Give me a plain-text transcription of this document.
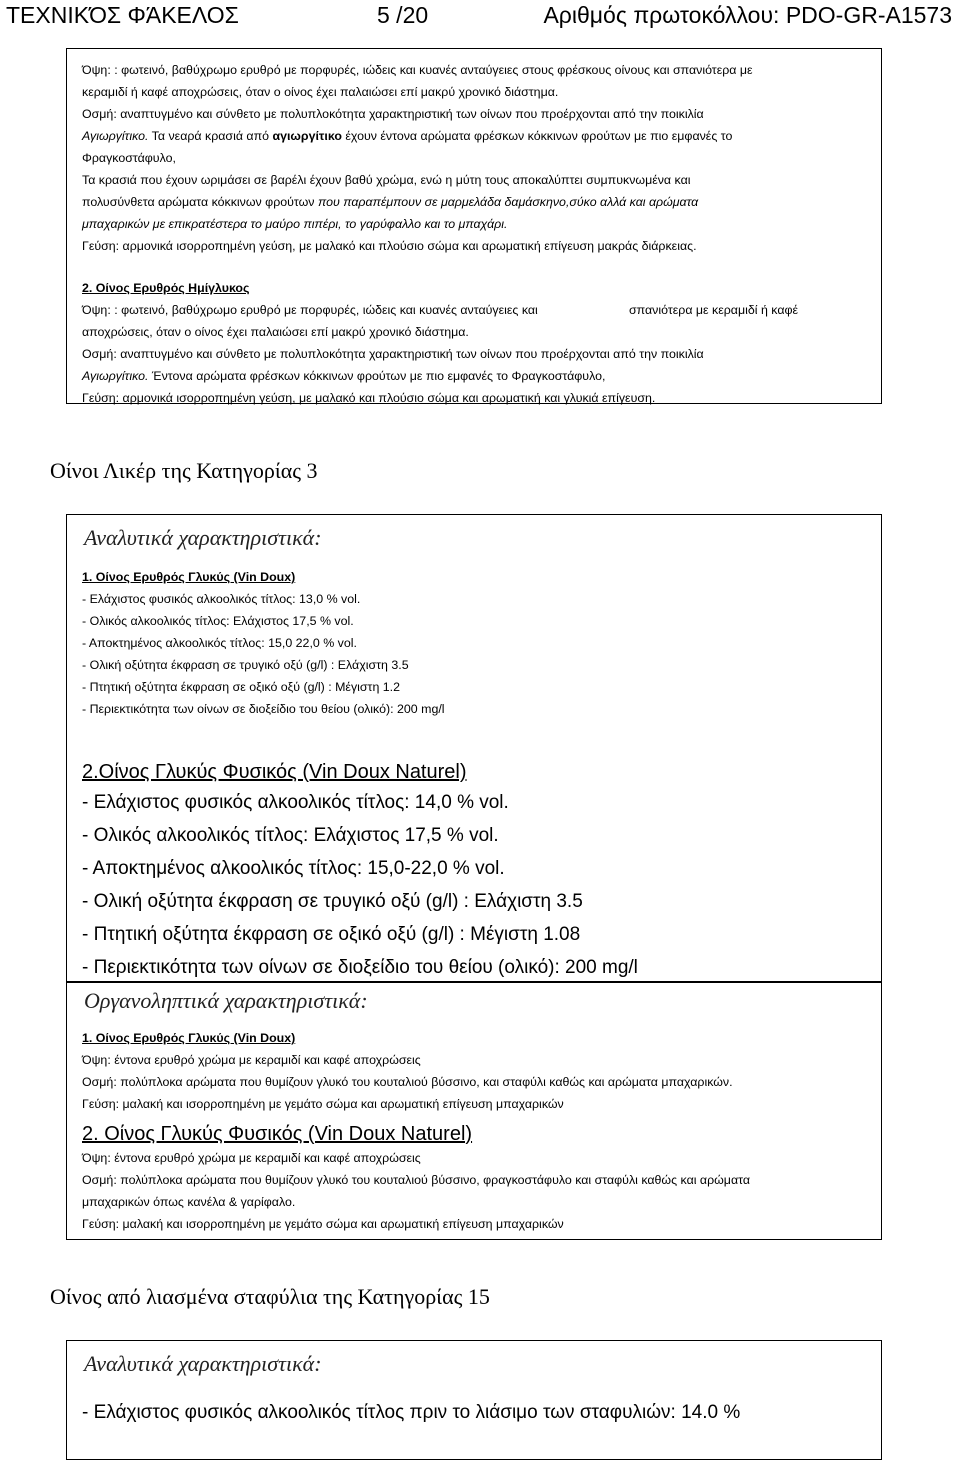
ΤΕΧΝΙΚΌΣ ΦΆΚΕΛΟΣ	5 /20	Αριθμός πρωτοκόλλου: PDO-GR-A1573
Όψη: : φωτεινό, βαθύχρωμο ερυθρό με πορφυρές, ιώδεις και κυανές ανταύγειες στους φρέσκους οίνους και σπανιότερα με
κεραμιδί ή καφέ αποχρώσεις, όταν ο οίνος έχει παλαιώσει επί μακρύ χρονικό διάστημα.
Οσμή: αναπτυγμένο και σύνθετο με πολυπλοκότητα χαρακτηριστική των οίνων που προέρχονται από την ποικιλία
Αγιωργίτικο. Τα νεαρά κρασιά από αγιωργίτικο έχουν έντονα αρώματα φρέσκων κόκκινων φρούτων με πιο εμφανές το
Φραγκοστάφυλο,
Τα κρασιά που έχουν ωριμάσει σε βαρέλι έχουν βαθύ χρώμα, ενώ η μύτη τους αποκαλύπτει συμπυκνωμένα και
πολυσύνθετα αρώματα κόκκινων φρούτων που παραπέμπουν σε μαρμελάδα δαμάσκηνο,σύκο αλλά και αρώματα
μπαχαρικών με επικρατέστερα το μαύρο πιπέρι, το γαρύφαλλο και το μπαχάρι.
Γεύση: αρμονικά ισορροπημένη γεύση, με μαλακό και πλούσιο σώμα και αρωματική επίγευση μακράς διάρκειας.
2. Οίνος Ερυθρός Ημίγλυκος
Όψη: : φωτεινό, βαθύχρωμο ερυθρό με πορφυρές, ιώδεις και κυανές ανταύγειες και	σπανιότερα με κεραμιδί ή καφέ
αποχρώσεις, όταν ο οίνος έχει παλαιώσει επί μακρύ χρονικό διάστημα.
Οσμή: αναπτυγμένο και σύνθετο με πολυπλοκότητα χαρακτηριστική των οίνων που προέρχονται από την ποικιλία
Αγιωργίτικο. Έντονα αρώματα φρέσκων κόκκινων φρούτων με πιο εμφανές το Φραγκοστάφυλο,
Γεύση: αρμονικά ισορροπημένη γεύση, με μαλακό και πλούσιο σώμα και αρωματική και γλυκιά επίγευση.
Οίνοι Λικέρ της Κατηγορίας 3
Αναλυτικά χαρακτηριστικά:
1. Οίνος Ερυθρός Γλυκύς (Vin Doux)
- Ελάχιστος φυσικός αλκοολικός τίτλος: 13,0 % vol.
- Ολικός αλκοολικός τίτλος: Ελάχιστος 17,5 % vol.
- Αποκτημένος αλκοολικός τίτλος: 15,0 22,0 % vol.
- Ολική οξύτητα έκφραση σε τρυγικό οξύ (g/l) : Ελάχιστη 3.5
- Πτητική οξύτητα έκφραση σε οξικό οξύ (g/l) : Μέγιστη 1.2
- Περιεκτικότητα των οίνων σε διοξείδιο του θείου (ολικό): 200 mg/l
2.Οίνος Γλυκύς Φυσικός (Vin Doux Naturel)
- Ελάχιστος φυσικός αλκοολικός τίτλος: 14,0 % vol.
- Ολικός αλκοολικός τίτλος: Ελάχιστος 17,5 % vol.
- Αποκτημένος αλκοολικός τίτλος: 15,0-22,0 % vol.
- Ολική οξύτητα έκφραση σε τρυγικό οξύ (g/l) : Ελάχιστη 3.5
- Πτητική οξύτητα έκφραση σε οξικό οξύ (g/l) : Μέγιστη 1.08
- Περιεκτικότητα των οίνων σε διοξείδιο του θείου (ολικό): 200 mg/l
Οργανοληπτικά χαρακτηριστικά:
1. Οίνος Ερυθρός Γλυκύς (Vin Doux)
Όψη: έντονα ερυθρό χρώμα με κεραμιδί και καφέ αποχρώσεις
Οσμή: πολύπλοκα αρώματα που θυμίζουν γλυκό του κουταλιού βύσσινο, και σταφύλι καθώς και αρώματα μπαχαρικών.
Γεύση: μαλακή και ισορροπημένη με γεμάτο σώμα και αρωματική επίγευση μπαχαρικών
2. Οίνος Γλυκύς Φυσικός (Vin Doux Naturel)
Όψη: έντονα ερυθρό χρώμα με κεραμιδί και καφέ αποχρώσεις
Οσμή: πολύπλοκα αρώματα που θυμίζουν γλυκό του κουταλιού βύσσινο, φραγκοστάφυλο και σταφύλι καθώς και αρώματα
μπαχαρικών όπως κανέλα & γαρίφαλο.
Γεύση: μαλακή και ισορροπημένη με γεμάτο σώμα και αρωματική επίγευση μπαχαρικών
Οίνος από λιασμένα σταφύλια της Κατηγορίας 15
Αναλυτικά χαρακτηριστικά:
- Ελάχιστος φυσικός αλκοολικός τίτλος πριν το λιάσιμο των σταφυλιών: 14.0 %
